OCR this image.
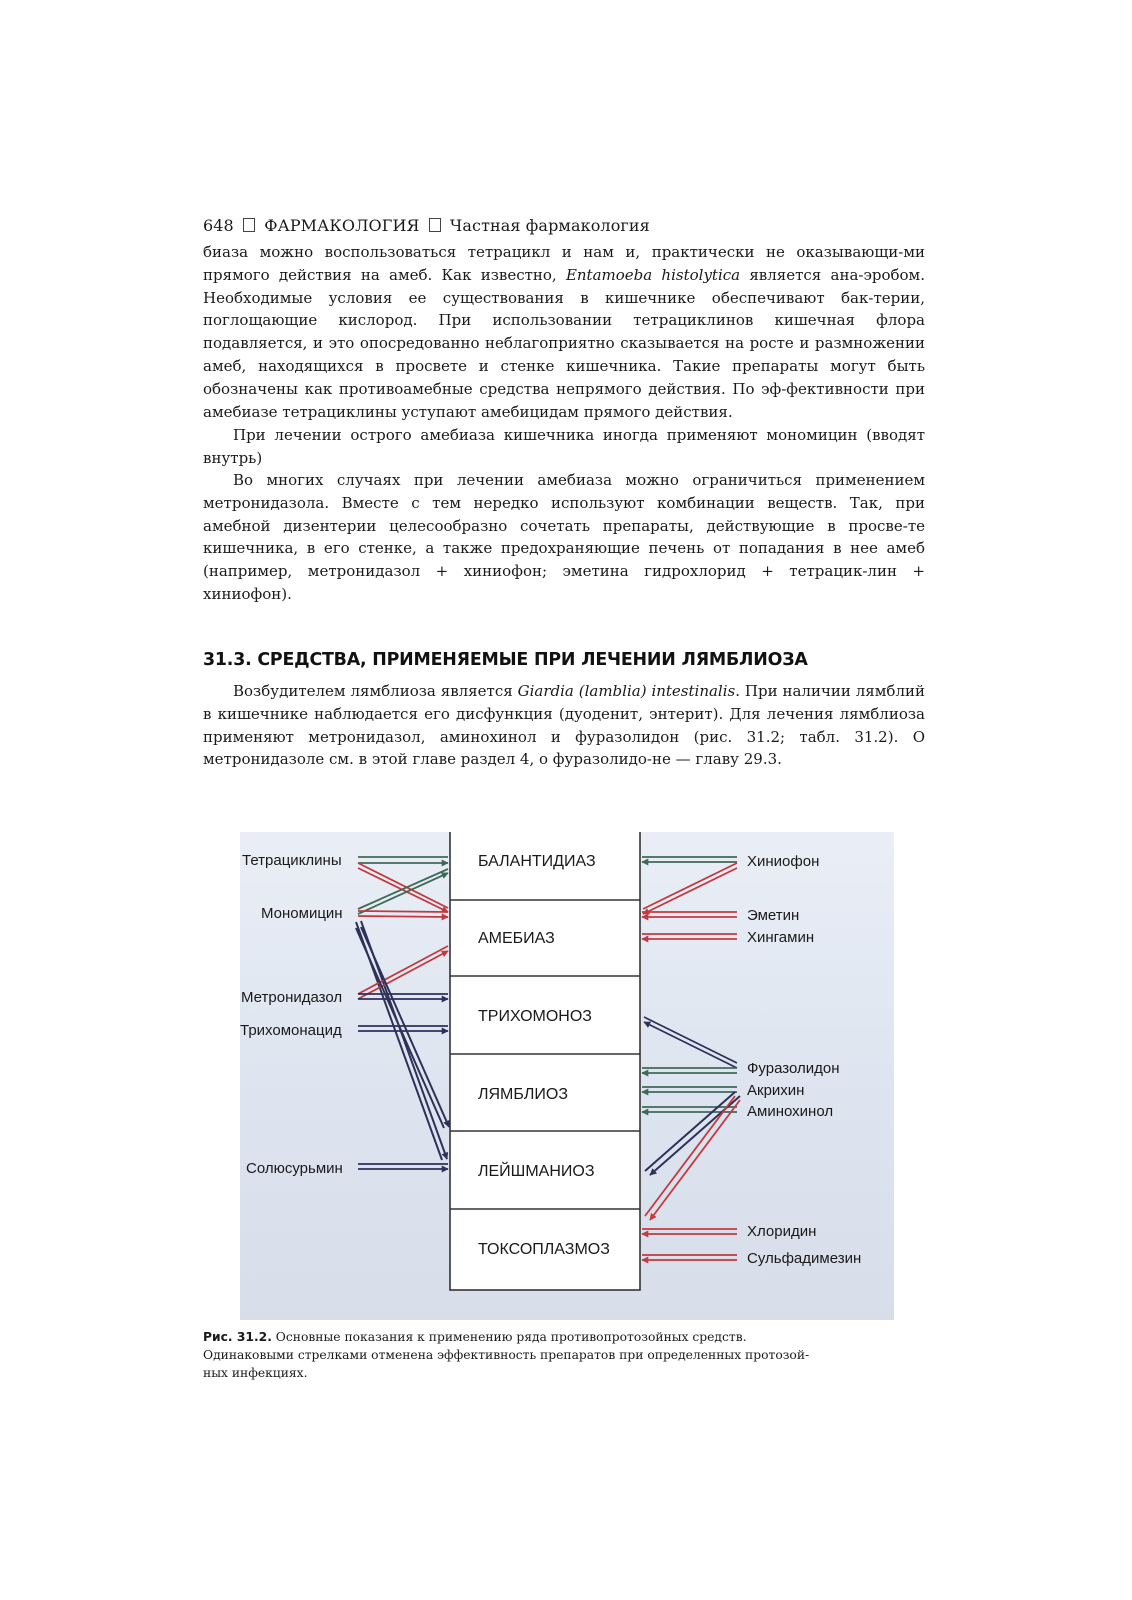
648 ФАРМАКОЛОГИЯ Частная фармакология
биаза можно воспользоваться тетрацикл и нам и, практически не оказывающи-ми прямого действия на амеб. Как известно, Entamoeba histolytica является ана-эробом. Необходимые условия ее существования в кишечнике обеспечивают бак-терии, поглощающие кислород. При использовании тетрациклинов кишечная флора подавляется, и это опосредованно неблагоприятно сказывается на росте и размножении амеб, находящихся в просвете и стенке кишечника. Такие препараты могут быть обозначены как противоамебные средства непрямого действия. По эф-фективности при амебиазе тетрациклины уступают амебицидам прямого действия.
При лечении острого амебиаза кишечника иногда применяют мономицин (вводят внутрь)
Во многих случаях при лечении амебиаза можно ограничиться применением метронидазола. Вместе с тем нередко используют комбинации веществ. Так, при амебной дизентерии целесообразно сочетать препараты, действующие в просве-те кишечника, в его стенке, а также предохраняющие печень от попадания в нее амеб (например, метронидазол + хиниофон; эметина гидрохлорид + тетрацик-лин + хиниофон).
31.3. СРЕДСТВА, ПРИМЕНЯЕМЫЕ ПРИ ЛЕЧЕНИИ ЛЯМБЛИОЗА
Возбудителем лямблиоза является Giardia (lamblia) intestinalis. При наличии лямблий в кишечнике наблюдается его дисфункция (дуоденит, энтерит). Для лечения лямблиоза применяют метронидазол, аминохинол и фуразолидон (рис. 31.2; табл. 31.2). О метронидазоле см. в этой главе раздел 4, о фуразолидо-не — главу 29.3.
БАЛАНТИДИАЗ
АМЕБИАЗ
ТРИХОМОНОЗ
ЛЯМБЛИОЗ
ЛЕЙШМАНИОЗ
ТОКСОПЛАЗМОЗ
Тетрациклины
Мономицин
Метронидазол
Трихомонацид
Солюсурьмин
Хиниофон
Эметин
Хингамин
Фуразолидон
Акрихин
Аминохинол
Хлоридин
Сульфадимезин
Рис. 31.2. Основные показания к применению ряда противопротозойных средств. Одинаковыми стрелками отменена эффективность препаратов при определенных протозой-ных инфекциях.
